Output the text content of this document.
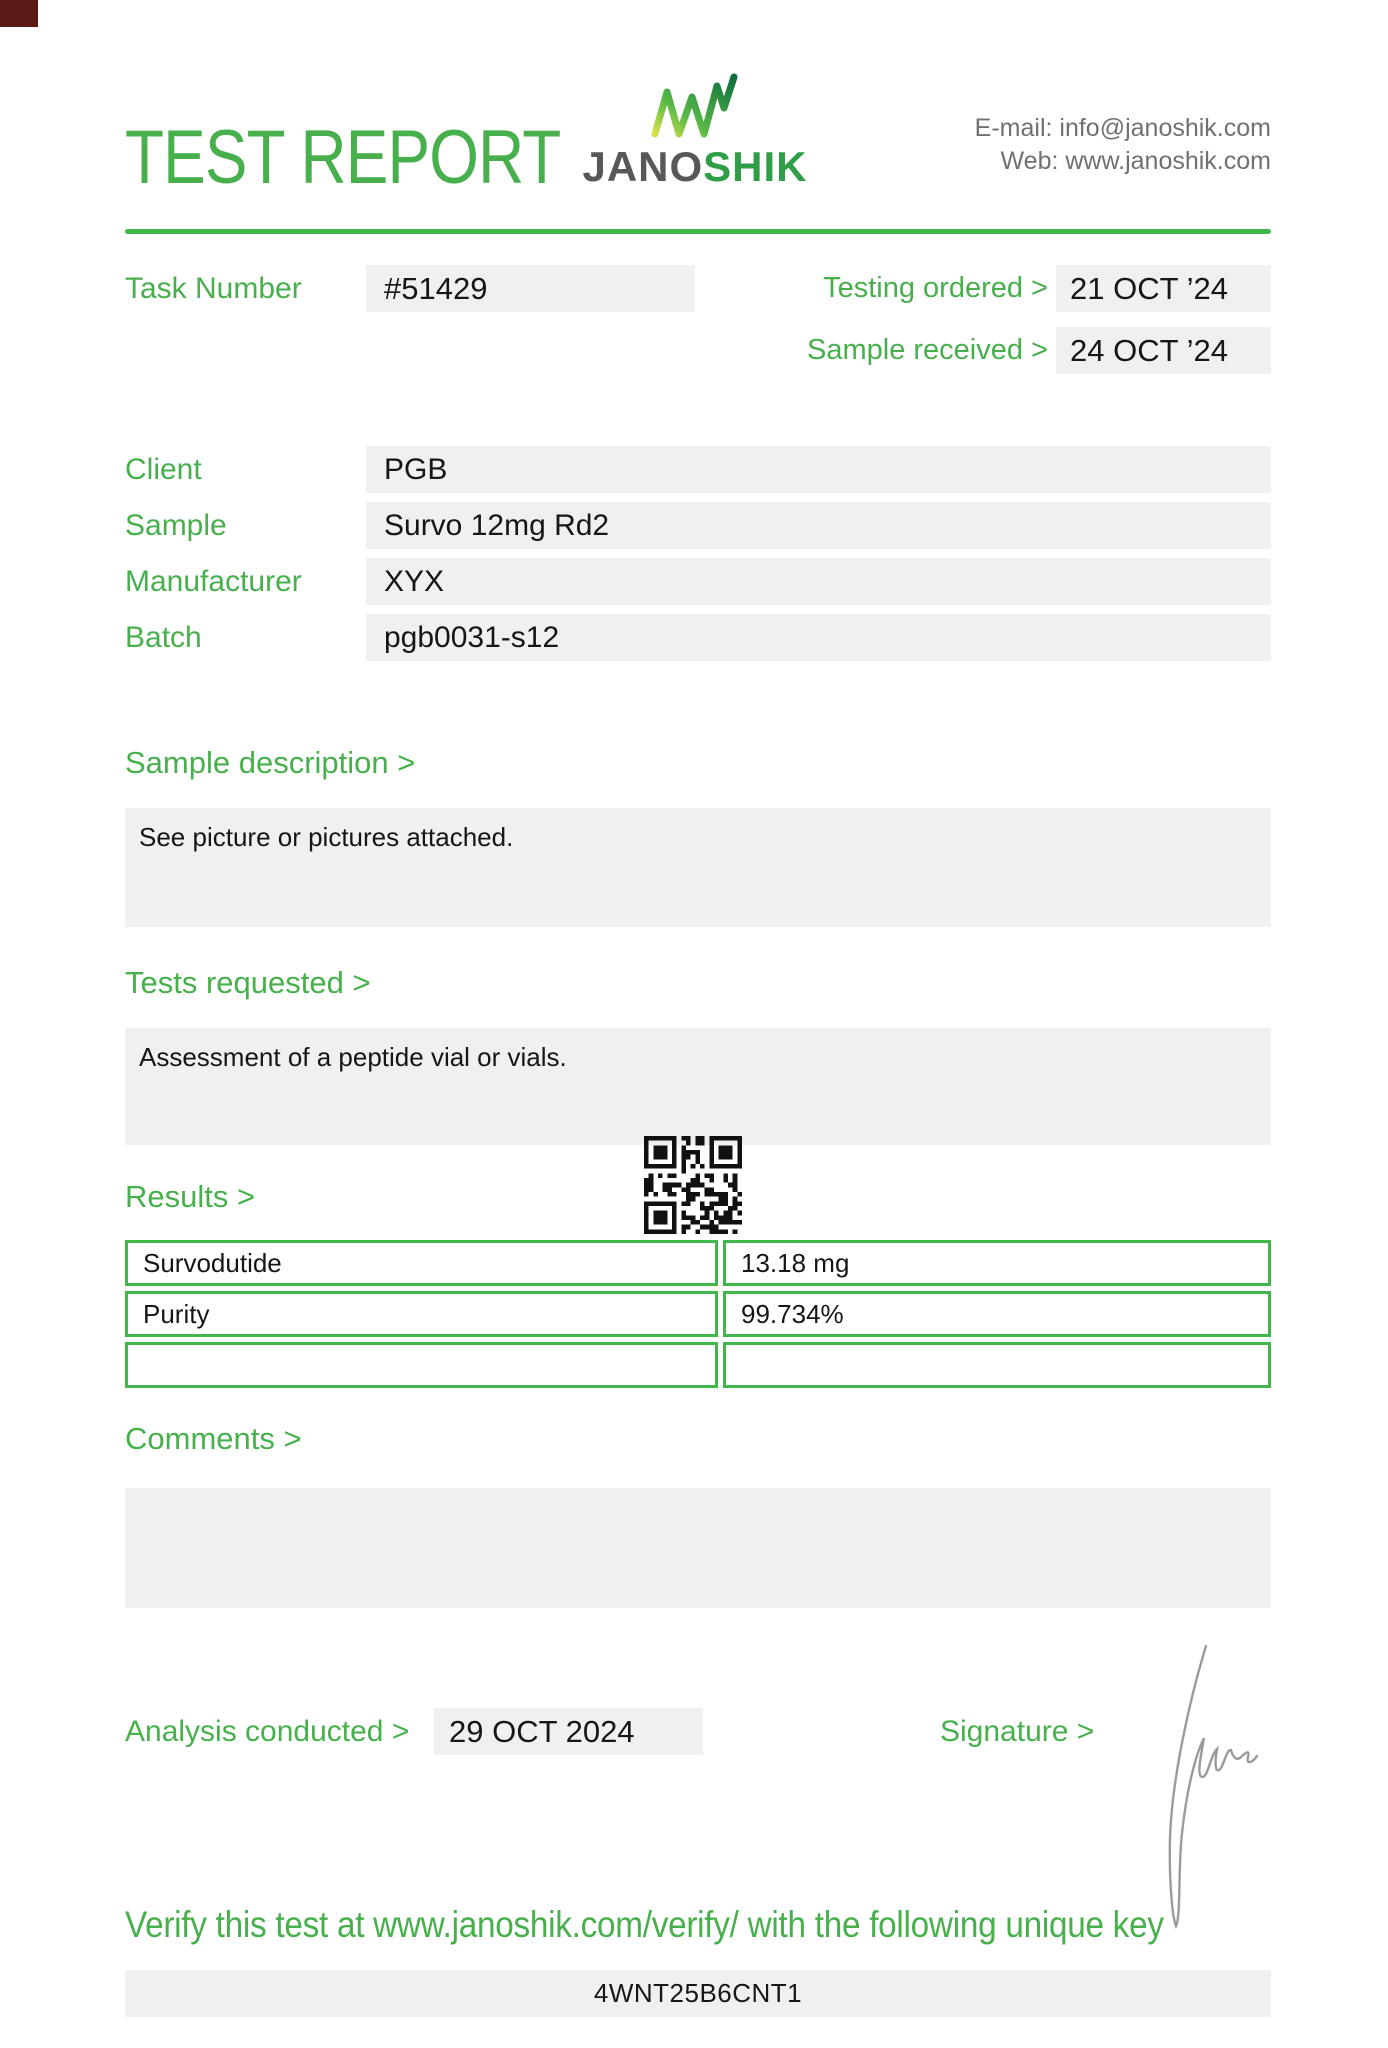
TEST REPORT JANOSHIK
E-mail: info@janoshik.com
Web: www.janoshik.com
Task Number	#51429	Testing ordered > 21 OCT ’24
Sample received > 24 OCT ’24
Client	PGB
Sample	Survo 12mg Rd2
Manufacturer	XYX
Batch	pgb0031-s12
Sample description >
See picture or pictures attached.
Tests requested >
Assessment of a peptide vial or vials.
Results >
Survodutide	13.18 mg
Purity	99.734%

Comments >
Analysis conducted >	29 OCT 2024	Signature >
Verify this test at www.janoshik.com/verify/ with the following unique key
4WNT25B6CNT1
